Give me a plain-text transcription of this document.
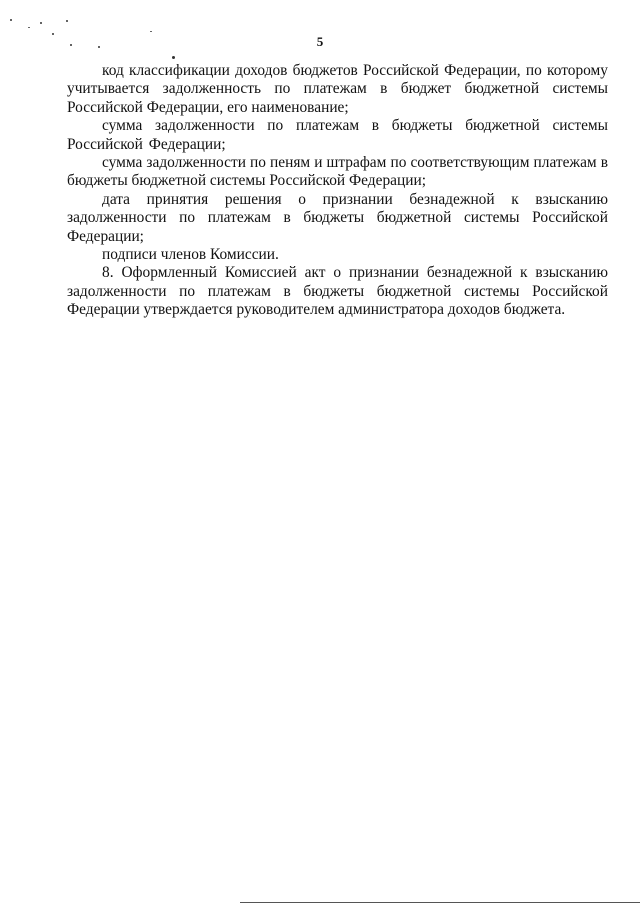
5

код классификации доходов бюджетов Российской Федерации, по которому учитывается задолженность по платежам в бюджет бюджетной системы Российской Федерации, его наименование;

сумма задолженности по платежам в бюджеты бюджетной системы Российской Федерации;

сумма задолженности по пеням и штрафам по соответствующим платежам в бюджеты бюджетной системы Российской Федерации;

дата принятия решения о признании безнадежной к взысканию задолженности по платежам в бюджеты бюджетной системы Российской Федерации;

подписи членов Комиссии.

8. Оформленный Комиссией акт о признании безнадежной к взысканию задолженности по платежам в бюджеты бюджетной системы Российской Федерации утверждается руководителем администратора доходов бюджета.
